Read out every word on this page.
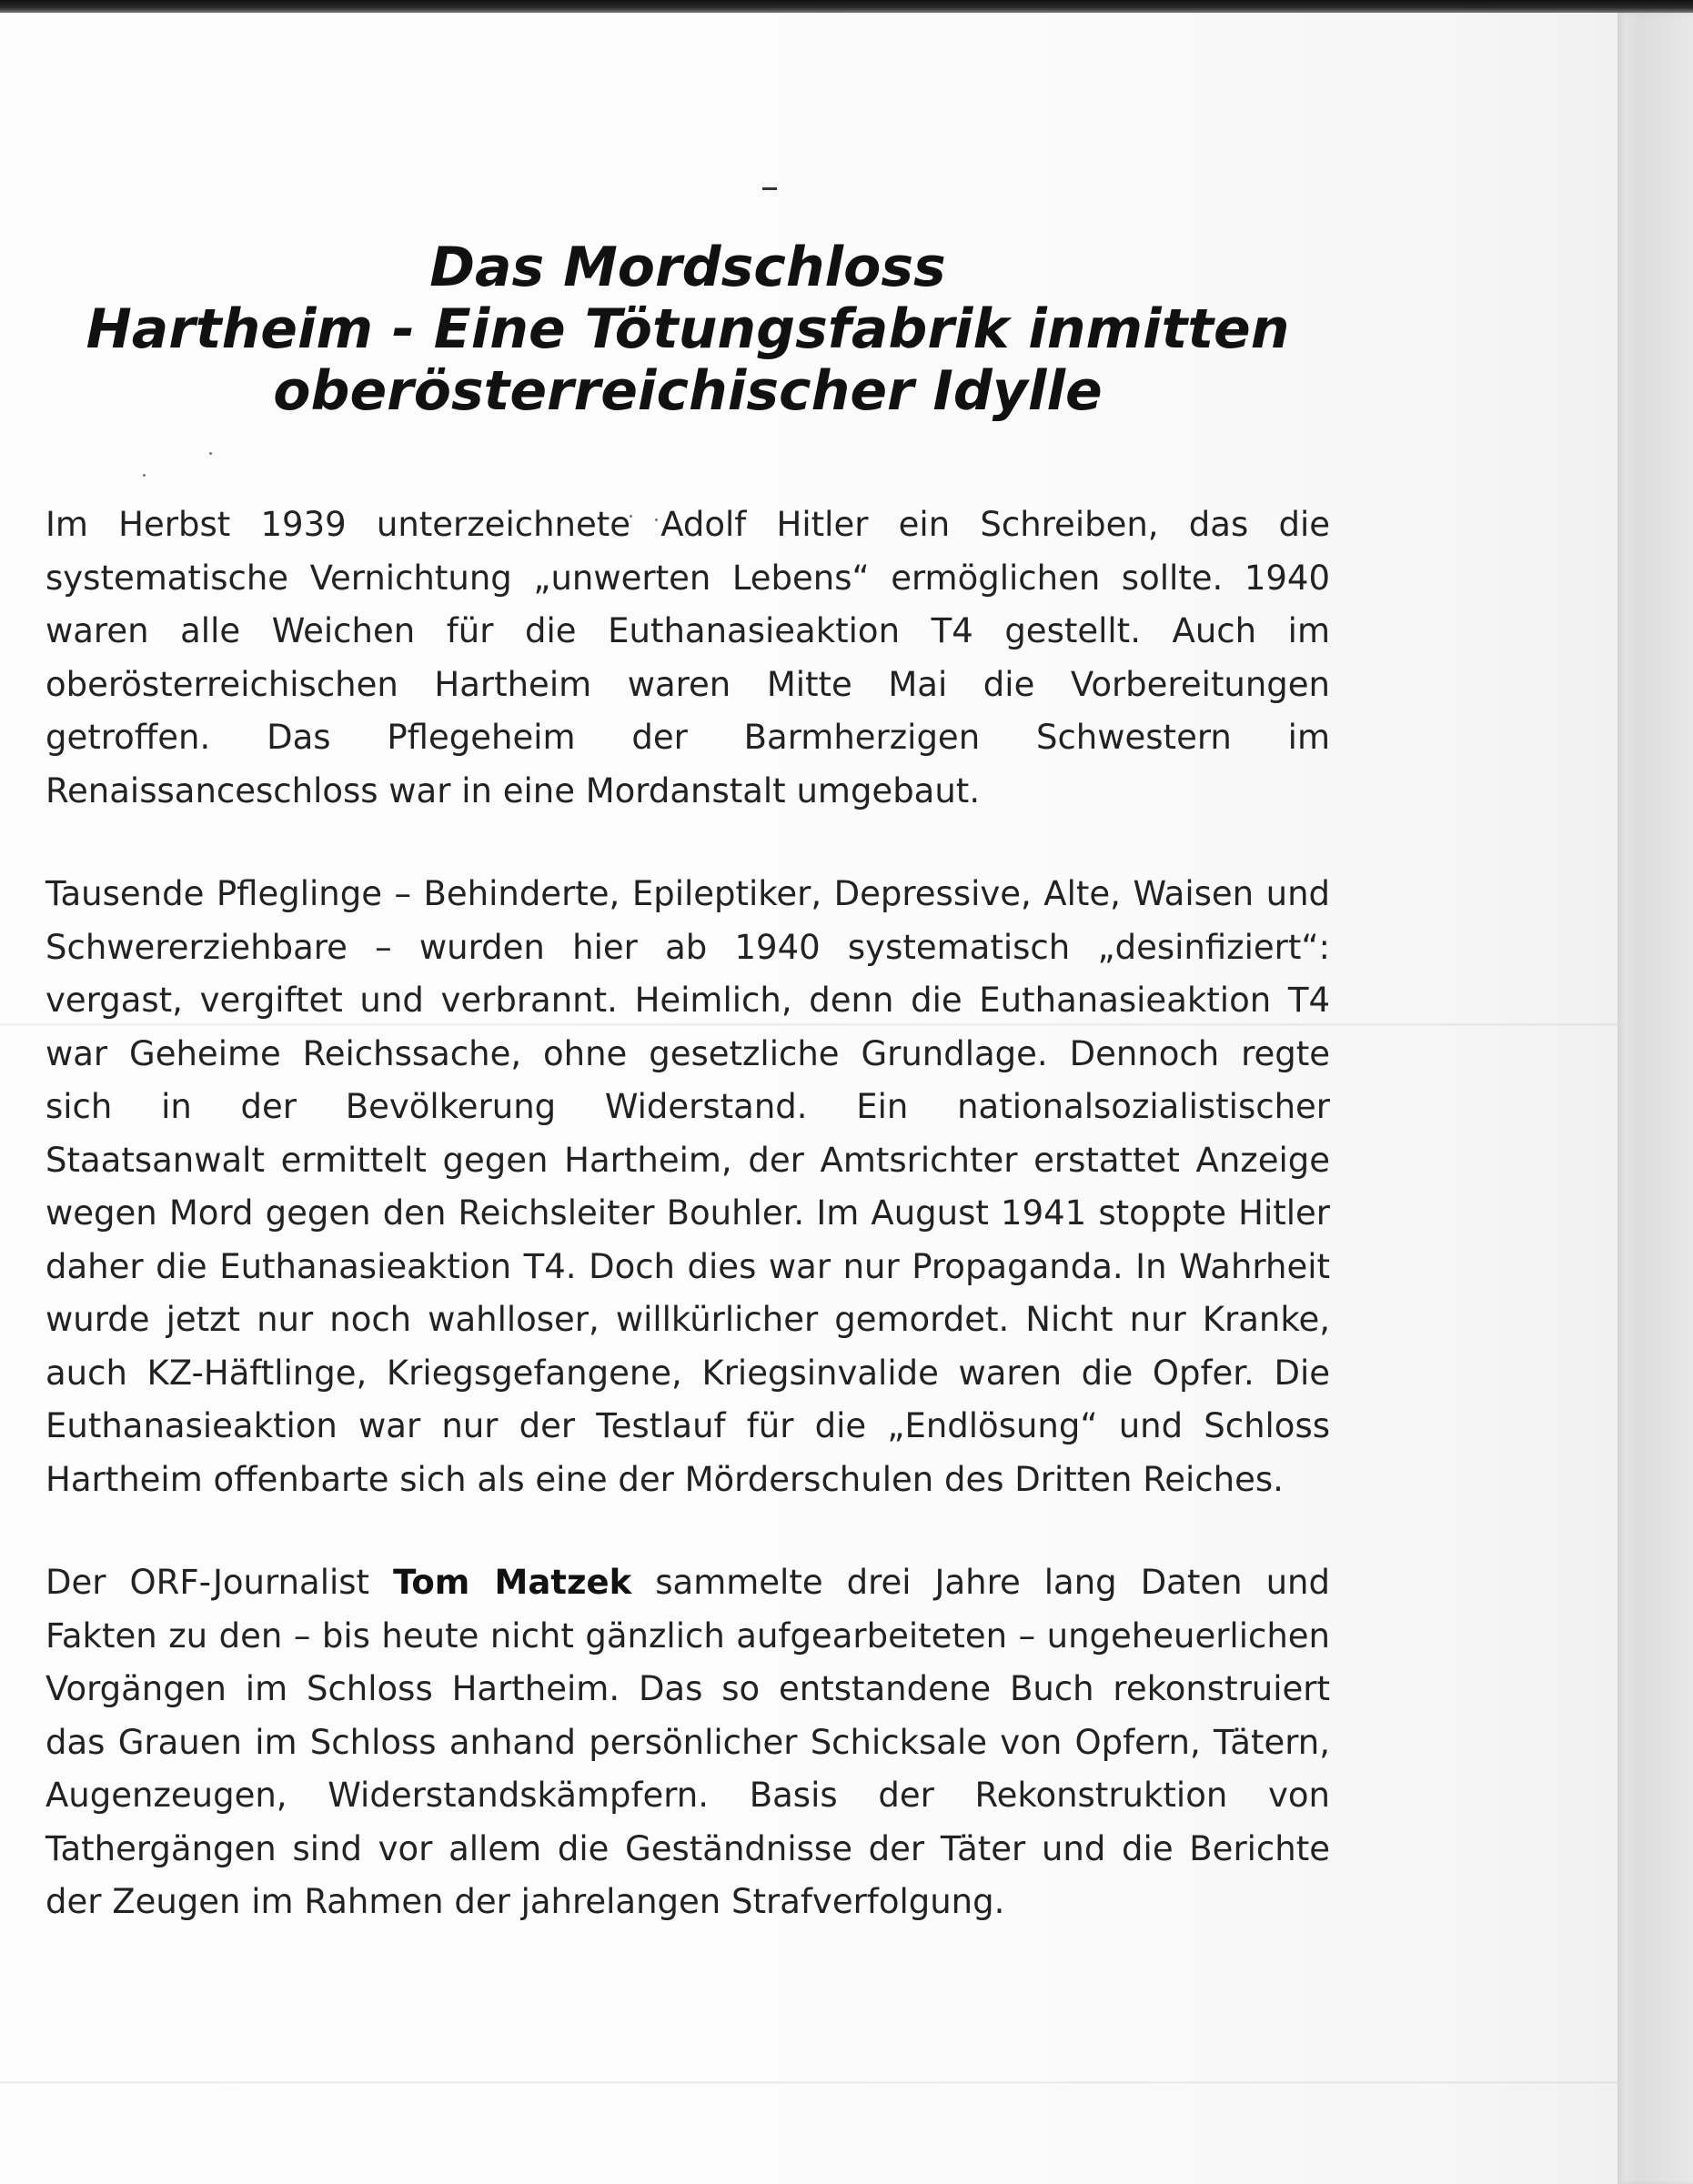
Das Mordschloss
Hartheim - Eine Tötungsfabrik inmitten
oberösterreichischer Idylle

Im Herbst 1939 unterzeichnete Adolf Hitler ein Schreiben, das die systematische Vernichtung „unwerten Lebens“ ermöglichen sollte. 1940 waren alle Weichen für die Euthanasieaktion T4 gestellt. Auch im oberösterreichischen Hartheim waren Mitte Mai die Vorbereitungen getroffen. Das Pflegeheim der Barmherzigen Schwestern im Renaissanceschloss war in eine Mordanstalt umgebaut.

Tausende Pfleglinge – Behinderte, Epileptiker, Depressive, Alte, Waisen und Schwererziehbare – wurden hier ab 1940 systematisch „desinfiziert“: vergast, vergiftet und verbrannt. Heimlich, denn die Euthanasieaktion T4 war Geheime Reichssache, ohne gesetzliche Grundlage. Dennoch regte sich in der Bevölkerung Widerstand. Ein nationalsozialistischer Staatsanwalt ermittelt gegen Hartheim, der Amtsrichter erstattet Anzeige wegen Mord gegen den Reichsleiter Bouhler. Im August 1941 stoppte Hitler daher die Euthanasieaktion T4. Doch dies war nur Propaganda. In Wahrheit wurde jetzt nur noch wahlloser, willkürlicher gemordet. Nicht nur Kranke, auch KZ-Häftlinge, Kriegsgefangene, Kriegsinvalide waren die Opfer. Die Euthanasieaktion war nur der Testlauf für die „Endlösung“ und Schloss Hartheim offenbarte sich als eine der Mörderschulen des Dritten Reiches.

Der ORF-Journalist Tom Matzek sammelte drei Jahre lang Daten und Fakten zu den – bis heute nicht gänzlich aufgearbeiteten – ungeheuerlichen Vorgängen im Schloss Hartheim. Das so entstandene Buch rekonstruiert das Grauen im Schloss anhand persönlicher Schicksale von Opfern, Tätern, Augenzeugen, Widerstandskämpfern. Basis der Rekonstruktion von Tathergängen sind vor allem die Geständnisse der Täter und die Berichte der Zeugen im Rahmen der jahrelangen Strafverfolgung.
